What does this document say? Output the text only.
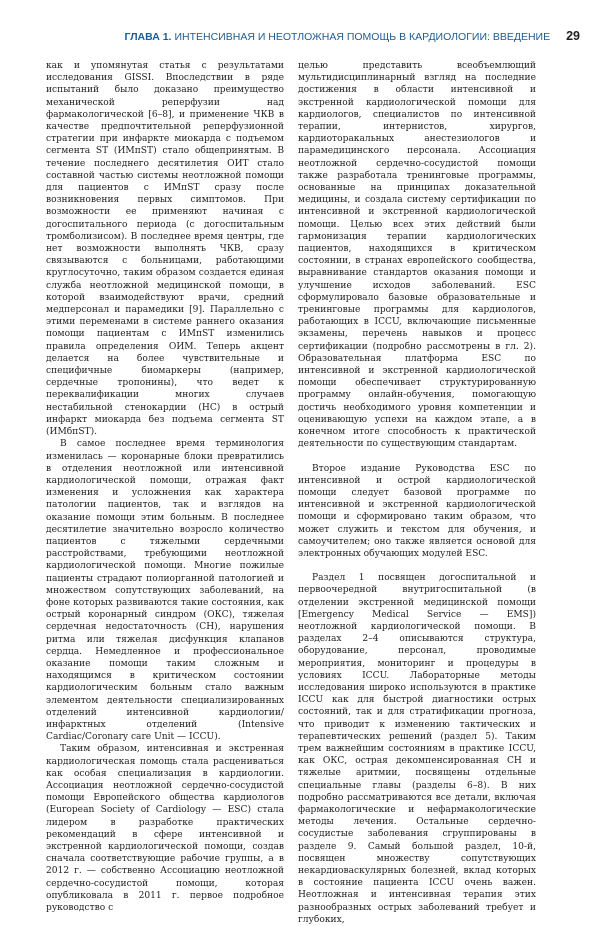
ГЛАВА 1. ИНТЕНСИВНАЯ И НЕОТЛОЖНАЯ ПОМОЩЬ В КАРДИОЛОГИИ: ВВЕДЕНИЕ 29

как и упомянутая статья с результатами исследования GISSI. Впоследствии в ряде испытаний было доказано преимущество механической реперфузии над фармакологической [6–8], и применение ЧКВ в качестве предпочтительной реперфузионной стратегии при инфаркте миокарда с подъемом сегмента ST (ИМпST) стало общепринятым. В течение последнего десятилетия ОИТ стало составной частью системы неотложной помощи для пациентов с ИМпST сразу после возникновения первых симптомов. При возможности ее применяют начиная с догоспитального периода (с догоспитальным тромболизисом). В последнее время центры, где нет возможности выполнять ЧКВ, сразу связываются с больницами, работающими круглосуточно, таким образом создается единая служба неотложной медицинской помощи, в которой взаимодействуют врачи, средний медперсонал и парамедики [9]. Параллельно с этими переменами в системе раннего оказания помощи пациентам с ИМпST изменились правила определения ОИМ. Теперь акцент делается на более чувствительные и специфичные биомаркеры (например, сердечные тропонины), что ведет к переквалификации многих случаев нестабильной стенокардии (НС) в острый инфаркт миокарда без подъема сегмента ST (ИМбпST).

В самое последнее время терминология изменилась — коронарные блоки превратились в отделения неотложной или интенсивной кардиологической помощи, отражая факт изменения и усложнения как характера патологии пациентов, так и взглядов на оказание помощи этим больным. В последнее десятилетие значительно возросло количество пациентов с тяжелыми сердечными расстройствами, требующими неотложной кардиологической помощи. Многие пожилые пациенты страдают полиорганной патологией и множеством сопутствующих заболеваний, на фоне которых развиваются такие состояния, как острый коронарный синдром (ОКС), тяжелая сердечная недостаточность (СН), нарушения ритма или тяжелая дисфункция клапанов сердца. Немедленное и профессиональное оказание помощи таким сложным и находящимся в критическом состоянии кардиологическим больным стало важным элементом деятельности специализированных отделений интенсивной кардиологии/инфарктных отделений (Intensive Cardiac/Coronary care Unit — ICCU).

Таким образом, интенсивная и экстренная кардиологическая помощь стала расцениваться как особая специализация в кардиологии. Ассоциация неотложной сердечно-сосудистой помощи Европейского общества кардиологов (European Society of Cardiology — ESC) стала лидером в разработке практических рекомендаций в сфере интенсивной и экстренной кардиологической помощи, создав сначала соответствующие рабочие группы, а в 2012 г. — собственно Ассоциацию неотложной сердечно-сосудистой помощи, которая опубликовала в 2011 г. первое подробное руководство с

целью представить всеобъемлющий мультидисциплинарный взгляд на последние достижения в области интенсивной и экстренной кардиологической помощи для кардиологов, специалистов по интенсивной терапии, интернистов, хирургов, кардиоторакальных анестезиологов и парамедицинского персонала. Ассоциация неотложной сердечно-сосудистой помощи также разработала тренинговые программы, основанные на принципах доказательной медицины, и создала систему сертификации по интенсивной и экстренной кардиологической помощи. Целью всех этих действий были гармонизация терапии кардиологических пациентов, находящихся в критическом состоянии, в странах европейского сообщества, выравнивание стандартов оказания помощи и улучшение исходов заболеваний. ESC сформулировало базовые образовательные и тренинговые программы для кардиологов, работающих в ICCU, включающие письменные экзамены, перечень навыков и процесс сертификации (подробно рассмотрены в гл. 2). Образовательная платформа ESC по интенсивной и экстренной кардиологической помощи обеспечивает структурированную программу онлайн-обучения, помогающую достичь необходимого уровня компетенции и оценивающую успехи на каждом этапе, а в конечном итоге способность к практической деятельности по существующим стандартам.

Второе издание Руководства ESC по интенсивной и острой кардиологической помощи следует базовой программе по интенсивной и экстренной кардиологической помощи и сформировано таким образом, что может служить и текстом для обучения, и самоучителем; оно также является основой для электронных обучающих модулей ESC.

Раздел 1 посвящен догоспитальной и первоочередной внутригоспитальной (в отделении экстренной медицинской помощи [Emergency Medical Service — EMS]) неотложной кардиологической помощи. В разделах 2–4 описываются структура, оборудование, персонал, проводимые мероприятия, мониторинг и процедуры в условиях ICCU. Лабораторные методы исследования широко используются в практике ICCU как для быстрой диагностики острых состояний, так и для стратификации прогноза, что приводит к изменению тактических и терапевтических решений (раздел 5). Таким трем важнейшим состояниям в практике ICCU, как ОКС, острая декомпенсированная СН и тяжелые аритмии, посвящены отдельные специальные главы (разделы 6–8). В них подробно рассматриваются все детали, включая фармакологические и нефармакологические методы лечения. Остальные сердечно-сосудистые заболевания сгруппированы в разделе 9. Самый большой раздел, 10-й, посвящен множеству сопутствующих некардиоваскулярных болезней, вклад которых в состояние пациента ICCU очень важен. Неотложная и интенсивная терапия этих разнообразных острых заболеваний требует и глубоких,
